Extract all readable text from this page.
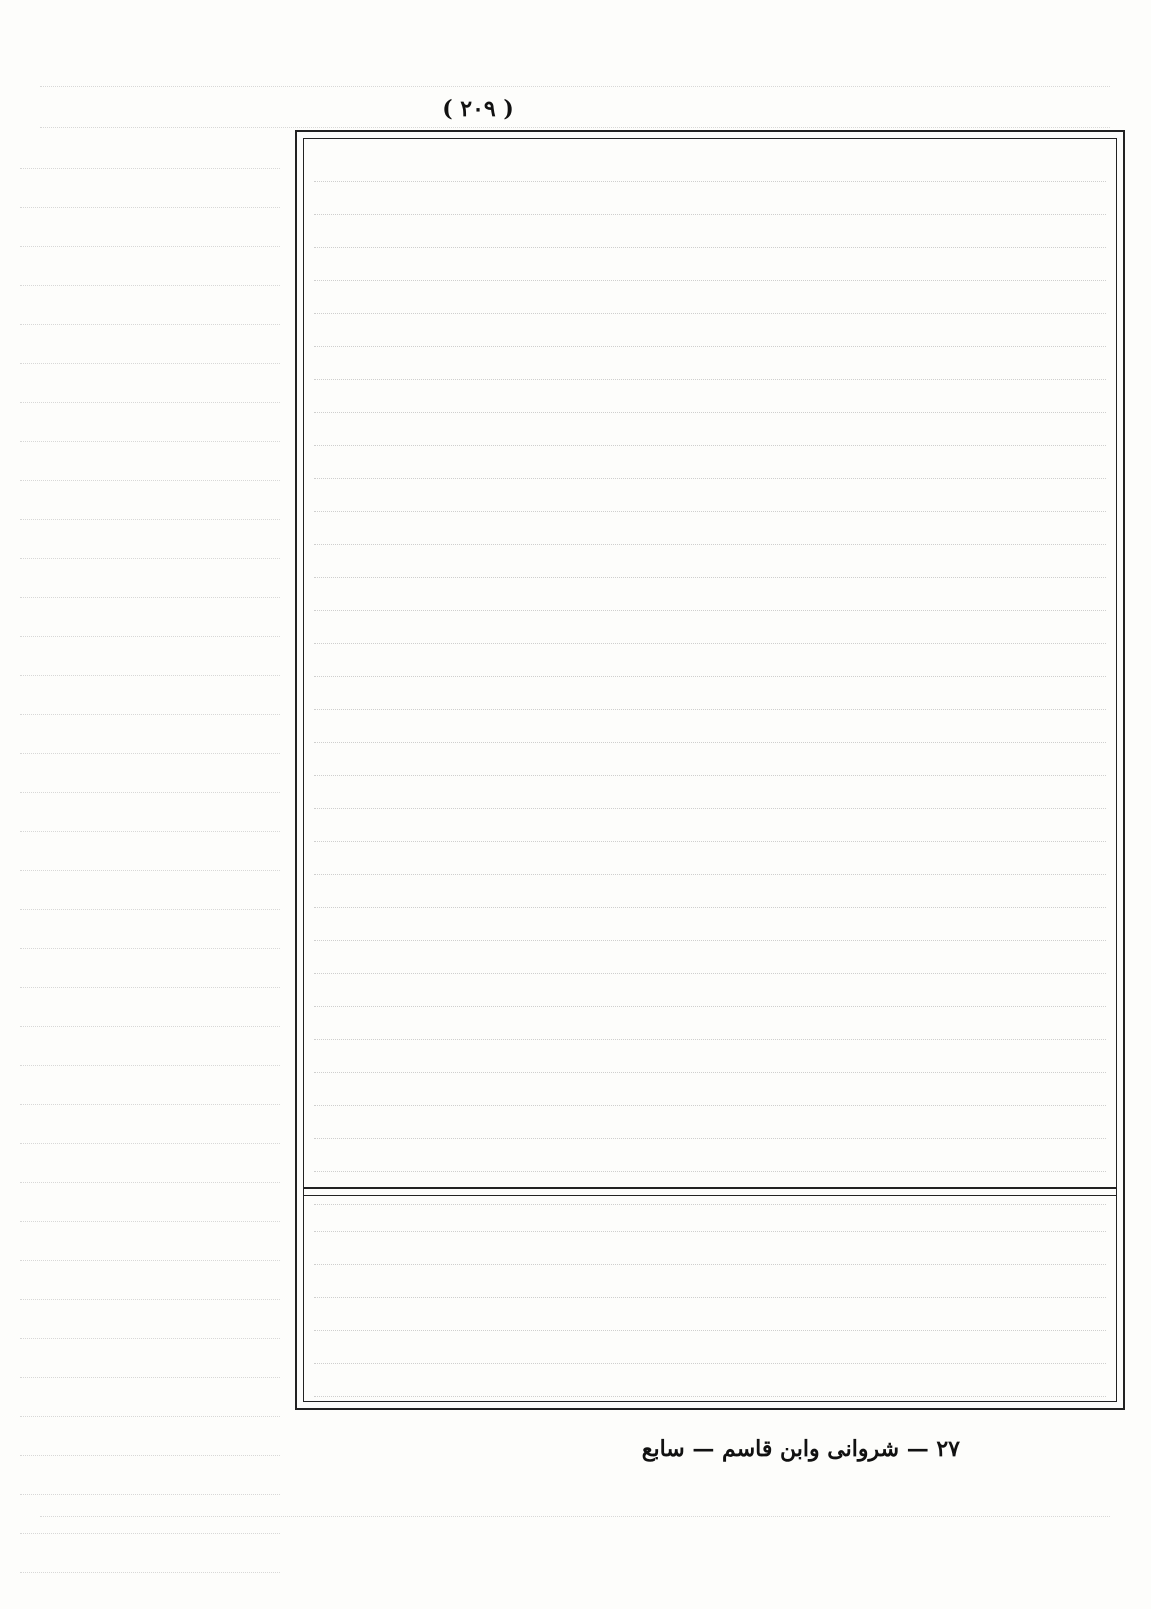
( ٢٠٩ )
٢٧ — شروانى وابن قاسم — سابع
